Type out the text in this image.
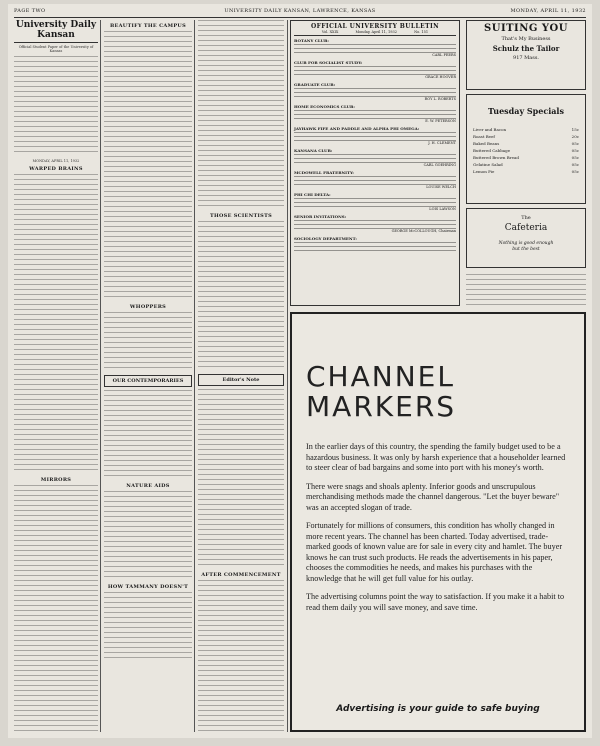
PAGE TWO	UNIVERSITY DAILY KANSAN, LAWRENCE, KANSAS	MONDAY, APRIL 11, 1932
University Daily Kansan
Official Student Paper of the University of Kansas
MONDAY, APRIL 11, 1932
WARPED BRAINS
MIRRORS
BEAUTIFY THE CAMPUS
WHOPPERS
OUR CONTEMPORARIES
NATURE AIDS
HOW TAMMANY DOESN'T
THOSE SCIENTISTS
Editor's Note
AFTER COMMENCEMENT
OFFICIAL UNIVERSITY BULLETIN
Vol. XXIX	Monday, April 11, 1932	No. 151
BOTANY CLUB:
CARL PEERS
CLUB FOR SOCIALIST STUDY:
GRACE HOOVER
GRADUATE CLUB:
ROY L. ROBERTS
HOME ECONOMICS CLUB:
E. W. PETERSON
JAYHAWK FIFE AND PADDLE AND ALPHA PHI OMEGA:
J. H. CLEMENT
KANSANA CLUB:
CARL GOEHRING
MCDOWELL FRATERNITY:
LOUISE WELCH
PHI CHI DELTA:
LOIS LAWSON
SENIOR INVITATIONS:
GEORGE McCOLLOUGH, Chairman
SOCIOLOGY DEPARTMENT:
SUITING YOU
That's My Business
Schulz the Tailor
917 Mass.
Tuesday Specials
Liver and Bacon	15c
Roast Beef	20c
Baked Beans	05c
Buttered Cabbage	05c
Buttered Brown Bread	05c
Gelatine Salad	05c
Lemon Pie	05c
The
Cafeteria
Nothing is good enough
but the best
CHANNEL
MARKERS

In the earlier days of this country, the spending the family budget used to be a hazardous business. It was only by harsh experience that a householder learned to steer clear of bad bargains and some into port with his money's worth.

There were snags and shoals aplenty. Inferior goods and unscrupulous merchandising methods made the channel dangerous. "Let the buyer beware" was an accepted slogan of trade.

Fortunately for millions of consumers, this condition has wholly changed in more recent years. The channel has been charted. Today advertised, trade-marked goods of known value are for sale in every city and hamlet. The buyer knows he can trust such products. He reads the advertisements in his paper, chooses the commodities he needs, and makes his purchases with the knowledge that he will get full value for his outlay.

The advertising columns point the way to satisfaction. If you make it a habit to read them daily you will save money, and save time.

Advertising is your guide to safe buying
